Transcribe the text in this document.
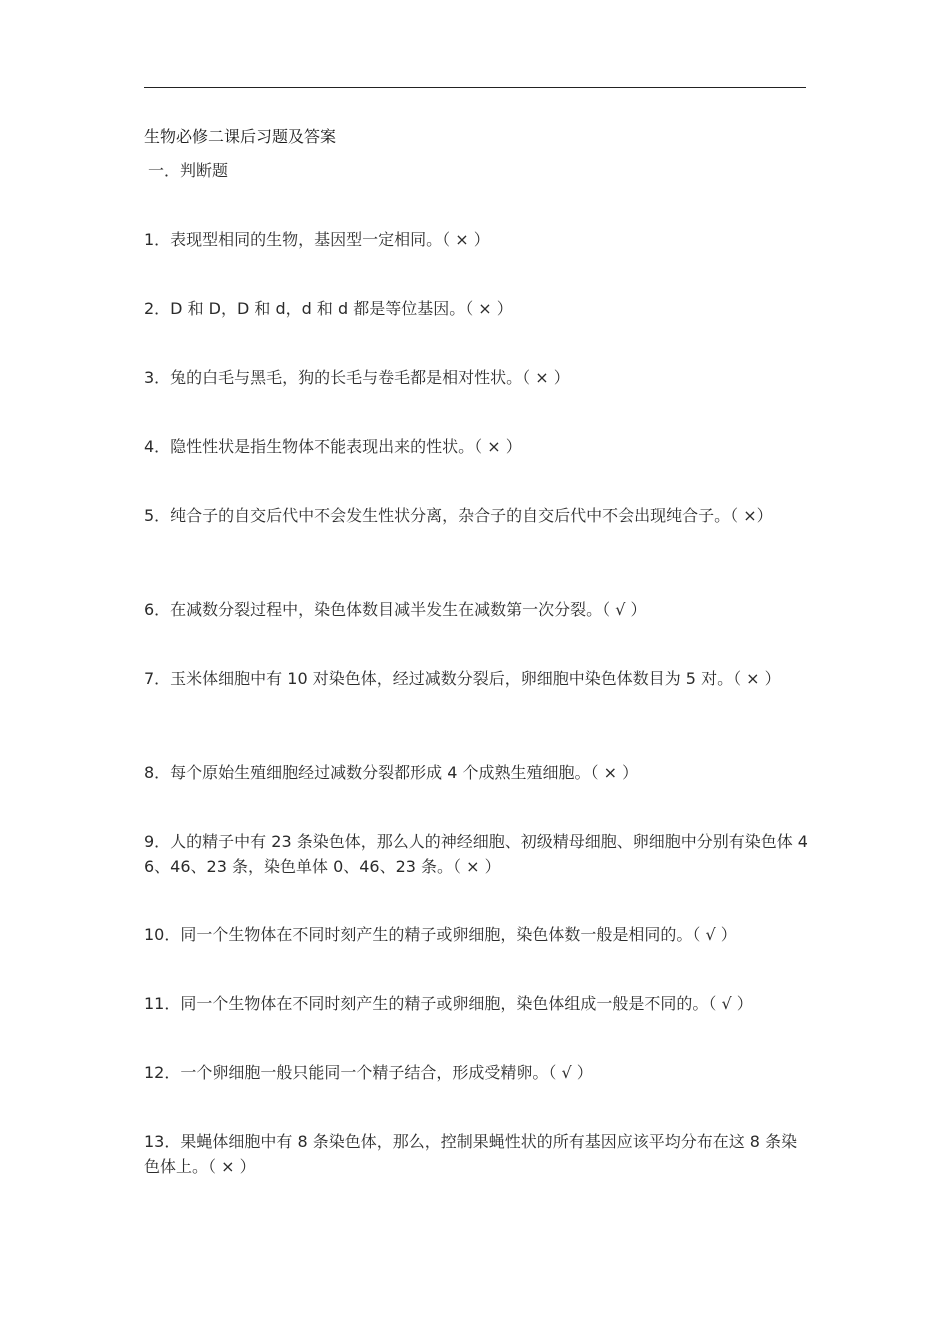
生物必修二课后习题及答案
一．判断题
1．表现型相同的生物，基因型一定相同。（ × ）
2．D 和 D，D 和 d，d 和 d 都是等位基因。（ × ）
3．兔的白毛与黑毛，狗的长毛与卷毛都是相对性状。（ × ）
4．隐性性状是指生物体不能表现出来的性状。（ × ）
5．纯合子的自交后代中不会发生性状分离，杂合子的自交后代中不会出现纯合子。（ ×）
6．在减数分裂过程中，染色体数目减半发生在减数第一次分裂。（ √ ）
7．玉米体细胞中有 10 对染色体，经过减数分裂后，卵细胞中染色体数目为 5 对。（ × ）
8．每个原始生殖细胞经过减数分裂都形成 4 个成熟生殖细胞。（ × ）
9．人的精子中有 23 条染色体，那么人的神经细胞、初级精母细胞、卵细胞中分别有染色体 46、46、23 条，染色单体 0、46、23 条。（ × ）
10．同一个生物体在不同时刻产生的精子或卵细胞，染色体数一般是相同的。（ √ ）
11．同一个生物体在不同时刻产生的精子或卵细胞，染色体组成一般是不同的。（ √ ）
12．一个卵细胞一般只能同一个精子结合，形成受精卵。（ √ ）
13．果蝇体细胞中有 8 条染色体，那么，控制果蝇性状的所有基因应该平均分布在这 8 条染色体上。（ × ）
